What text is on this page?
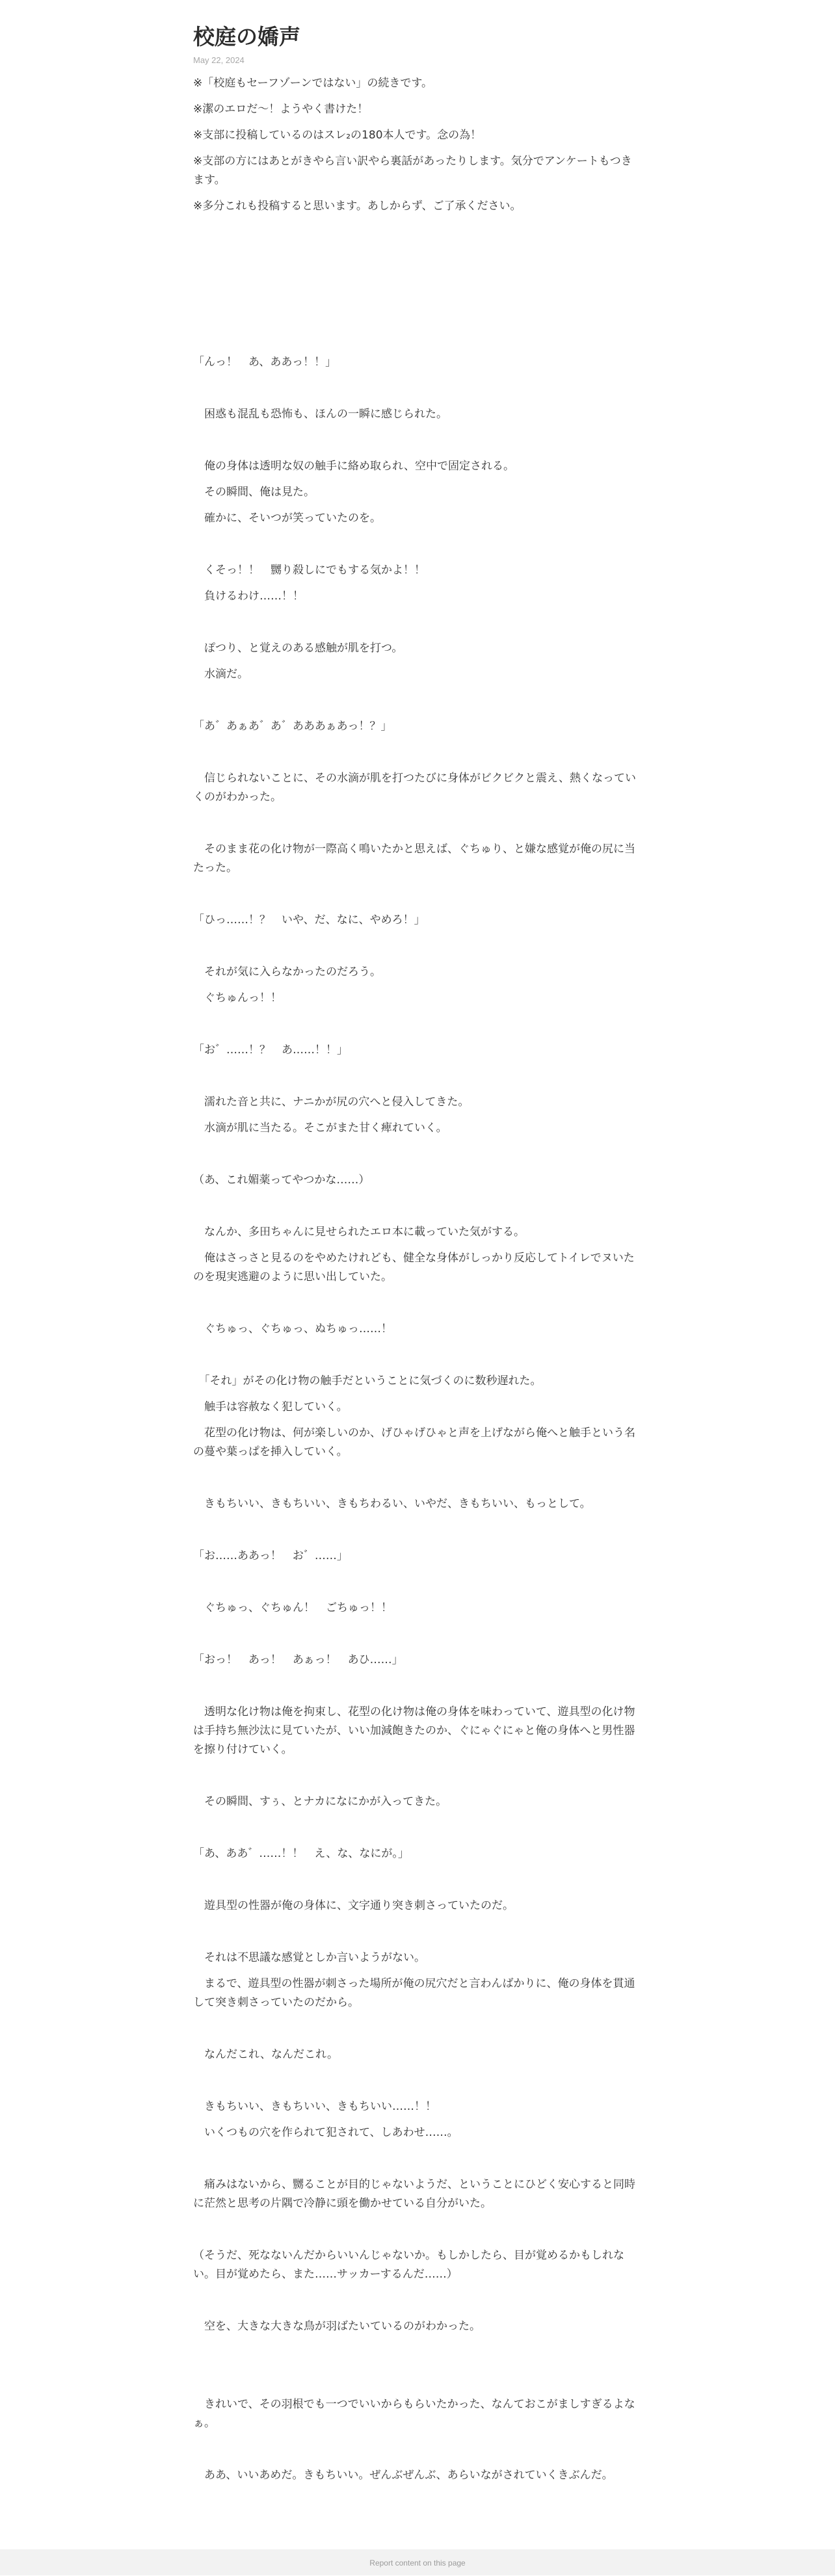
校庭の嬌声
May 22, 2024

※「校庭もセーフゾーンではない」の続きです。

※潔のエロだ〜！ようやく書けた！

※支部に投稿しているのはスレ₂の180本人です。念の為！

※支部の方にはあとがきやら言い訳やら裏話があったりします。気分でアンケートもつきます。

※多分これも投稿すると思います。あしからず、ご了承ください。

「んっ！　あ、ああっ！！」

　困惑も混乱も恐怖も、ほんの一瞬に感じられた。

　俺の身体は透明な奴の触手に絡め取られ、空中で固定される。

　その瞬間、俺は見た。

　確かに、そいつが笑っていたのを。

　くそっ！！　嬲り殺しにでもする気かよ！！

　負けるわけ……！！

　ぽつり、と覚えのある感触が肌を打つ。

　水滴だ。

「あ゛あぁあ゛あ゛あああぁあっ！？」

　信じられないことに、その水滴が肌を打つたびに身体がビクビクと震え、熱くなっていくのがわかった。

　そのまま花の化け物が一際高く鳴いたかと思えば、ぐちゅり、と嫌な感覚が俺の尻に当たった。

「ひっ……！？　いや、だ、なに、やめろ！」

　それが気に入らなかったのだろう。

　ぐちゅんっ！！

「お゛……！？　あ……！！」

　濡れた音と共に、ナニかが尻の穴へと侵入してきた。

　水滴が肌に当たる。そこがまた甘く痺れていく。

（あ、これ媚薬ってやつかな……）

　なんか、多田ちゃんに見せられたエロ本に載っていた気がする。

　俺はさっさと見るのをやめたけれども、健全な身体がしっかり反応してトイレでヌいたのを現実逃避のように思い出していた。

　ぐちゅっ、ぐちゅっ、ぬちゅっ……！

　「それ」がその化け物の触手だということに気づくのに数秒遅れた。

　触手は容赦なく犯していく。

　花型の化け物は、何が楽しいのか、げひゃげひゃと声を上げながら俺へと触手という名の蔓や葉っぱを挿入していく。

　きもちいい、きもちいい、きもちわるい、いやだ、きもちいい、もっとして。

「お……ああっ！　お゛……」

　ぐちゅっ、ぐちゅん！　ごちゅっ！！

「おっ！　あっ！　あぁっ！　あひ……」

　透明な化け物は俺を拘束し、花型の化け物は俺の身体を味わっていて、遊具型の化け物は手持ち無沙汰に見ていたが、いい加減飽きたのか、ぐにゃぐにゃと俺の身体へと男性器を擦り付けていく。

　その瞬間、すぅ、とナカになにかが入ってきた。

「あ、ああ゛……！！　え、な、なにが。」

　遊具型の性器が俺の身体に、文字通り突き刺さっていたのだ。

　それは不思議な感覚としか言いようがない。

　まるで、遊具型の性器が刺さった場所が俺の尻穴だと言わんばかりに、俺の身体を貫通して突き刺さっていたのだから。

　なんだこれ、なんだこれ。

　きもちいい、きもちいい、きもちいい……！！

　いくつもの穴を作られて犯されて、しあわせ……。

　痛みはないから、嬲ることが目的じゃないようだ、ということにひどく安心すると同時に茫然と思考の片隅で冷静に頭を働かせている自分がいた。

（そうだ、死なないんだからいいんじゃないか。もしかしたら、目が覚めるかもしれない。目が覚めたら、また……サッカーするんだ……）

　空を、大きな大きな鳥が羽ばたいているのがわかった。

　きれいで、その羽根でも一つでいいからもらいたかった、なんておこがましすぎるよなぁ。

　ああ、いいあめだ。きもちいい。ぜんぶぜんぶ、あらいながされていくきぶんだ。

Report content on this page
